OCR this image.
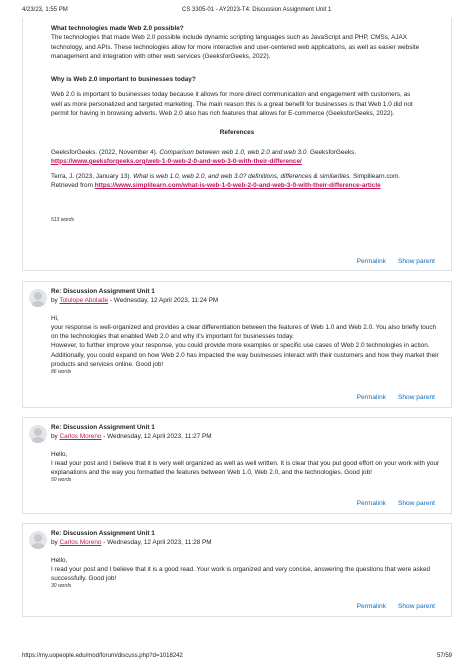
4/23/23, 1:55 PM	CS 3305-01 - AY2023-T4: Discussion Assignment Unit 1

What technologies made Web 2.0 possible?

The technologies that made Web 2.0 possible include dynamic scripting languages such as JavaScript and PHP, CMSs, AJAX technology, and APIs. These technologies allow for more interactive and user-centered web applications, as well as easier website management and integration with other web services (GeeksforGeeks, 2022).

Why is Web 2.0 important to businesses today?

Web 2.0 is important to businesses today because it allows for more direct communication and engagement with customers, as well as more personalized and targeted marketing. The main reason this is a great benefit for businesses is that Web 1.0 did not permit for having in browsing adverts. Web 2.0 also has rich features that allows for E-commerce (GeeksforGeeks, 2022).

References

GeeksforGeeks. (2022, November 4). Comparison between web 1.0, web 2.0 and web 3.0. GeeksforGeeks.
https://www.geeksforgeeks.org/web-1-0-web-2-0-and-web-3-0-with-their-difference/

Terra, J. (2023, January 13). What is web 1.0, web 2.0, and web 3.0? definitions, differences & similarities. Simplilearn.com. Retrieved from https://www.simplilearn.com/what-is-web-1-0-web-2-0-and-web-3-0-with-their-difference-article

513 words

Permalink Show parent

Re: Discussion Assignment Unit 1

by Tolulope Abolade - Wednesday, 12 April 2023, 11:24 PM

Hi,

your response is well-organized and provides a clear differentiation between the features of Web 1.0 and Web 2.0. You also briefly touch on the technologies that enabled Web 2.0 and why it's important for businesses today.

However, to further improve your response, you could provide more examples or specific use cases of Web 2.0 technologies in action. Additionally, you could expand on how Web 2.0 has impacted the way businesses interact with their customers and how they market their products and services online. Good job!

86 words

Permalink Show parent

Re: Discussion Assignment Unit 1

by Carlos Moreno - Wednesday, 12 April 2023, 11:27 PM

Hello,

I read your post and I believe that it is very well organized as well as well written. It is clear that you put good effort on your work with your explanations and the way you formatted the features between Web 1.0, Web 2.0, and the technologies. Good job!

50 words

Permalink Show parent

Re: Discussion Assignment Unit 1

by Carlos Moreno - Wednesday, 12 April 2023, 11:28 PM

Hello,

I read your post and I believe that it is a good read. Your work is organized and very concise, answering the questions that were asked successfully. Good job!

30 words

Permalink Show parent
https://my.uopeople.edu/mod/forum/discuss.php?d=1018242	57/59
